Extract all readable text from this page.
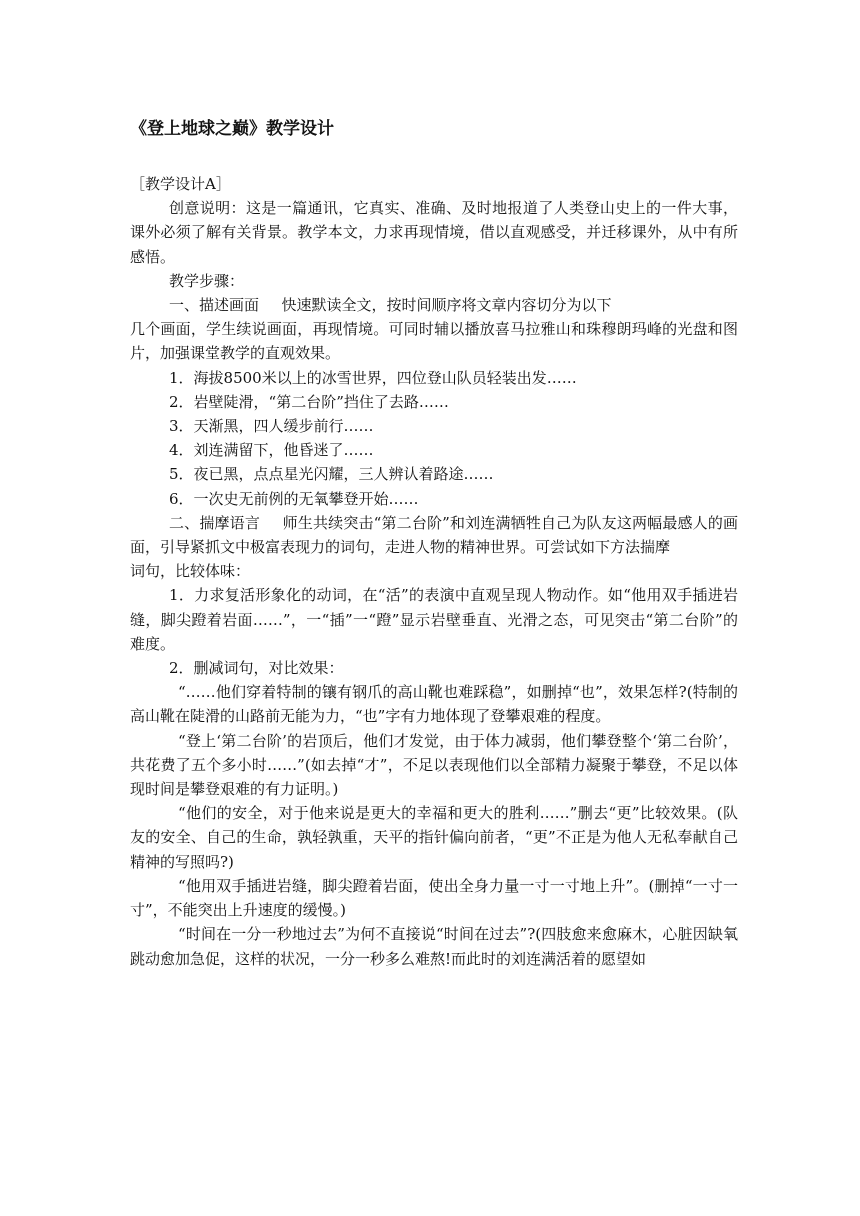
《登上地球之巅》教学设计

［教学设计A］

创意说明：这是一篇通讯，它真实、准确、及时地报道了人类登山史上的一件大事，课外必须了解有关背景。教学本文，力求再现情境，借以直观感受，并迁移课外，从中有所感悟。

教学步骤：

一、描述画面 快速默读全文，按时间顺序将文章内容切分为以下

几个画面，学生续说画面，再现情境。可同时辅以播放喜马拉雅山和珠穆朗玛峰的光盘和图片，加强课堂教学的直观效果。

1．海拔8500米以上的冰雪世界，四位登山队员轻装出发……

2．岩壁陡滑，“第二台阶”挡住了去路……

3．天渐黑，四人缓步前行……

4．刘连满留下，他昏迷了……

5．夜已黑，点点星光闪耀，三人辨认着路途……

6．一次史无前例的无氧攀登开始……

二、揣摩语言 师生共续突击“第二台阶”和刘连满牺牲自己为队友这两幅最感人的画面，引导紧抓文中极富表现力的词句，走进人物的精神世界。可尝试如下方法揣摩

词句，比较体味：

1．力求复活形象化的动词，在“活”的表演中直观呈现人物动作。如“他用双手插进岩缝，脚尖蹬着岩面……”，一“插”一“蹬”显示岩壁垂直、光滑之态，可见突击“第二台阶”的难度。

2．删减词句，对比效果：

“……他们穿着特制的镶有钢爪的高山靴也难踩稳”，如删掉“也”，效果怎样?(特制的高山靴在陡滑的山路前无能为力，“也”字有力地体现了登攀艰难的程度。

“登上‘第二台阶’的岩顶后，他们才发觉，由于体力减弱，他们攀登整个‘第二台阶’，共花费了五个多小时……”(如去掉“才”，不足以表现他们以全部精力凝聚于攀登，不足以体现时间是攀登艰难的有力证明。)

“他们的安全，对于他来说是更大的幸福和更大的胜利……”删去“更”比较效果。(队友的安全、自己的生命，孰轻孰重，天平的指针偏向前者，“更”不正是为他人无私奉献自己精神的写照吗?)

“他用双手插进岩缝，脚尖蹬着岩面，使出全身力量一寸一寸地上升”。(删掉“一寸一寸”，不能突出上升速度的缓慢。)

“时间在一分一秒地过去”为何不直接说“时间在过去”?(四肢愈来愈麻木，心脏因缺氧跳动愈加急促，这样的状况，一分一秒多么难熬!而此时的刘连满活着的愿望如
